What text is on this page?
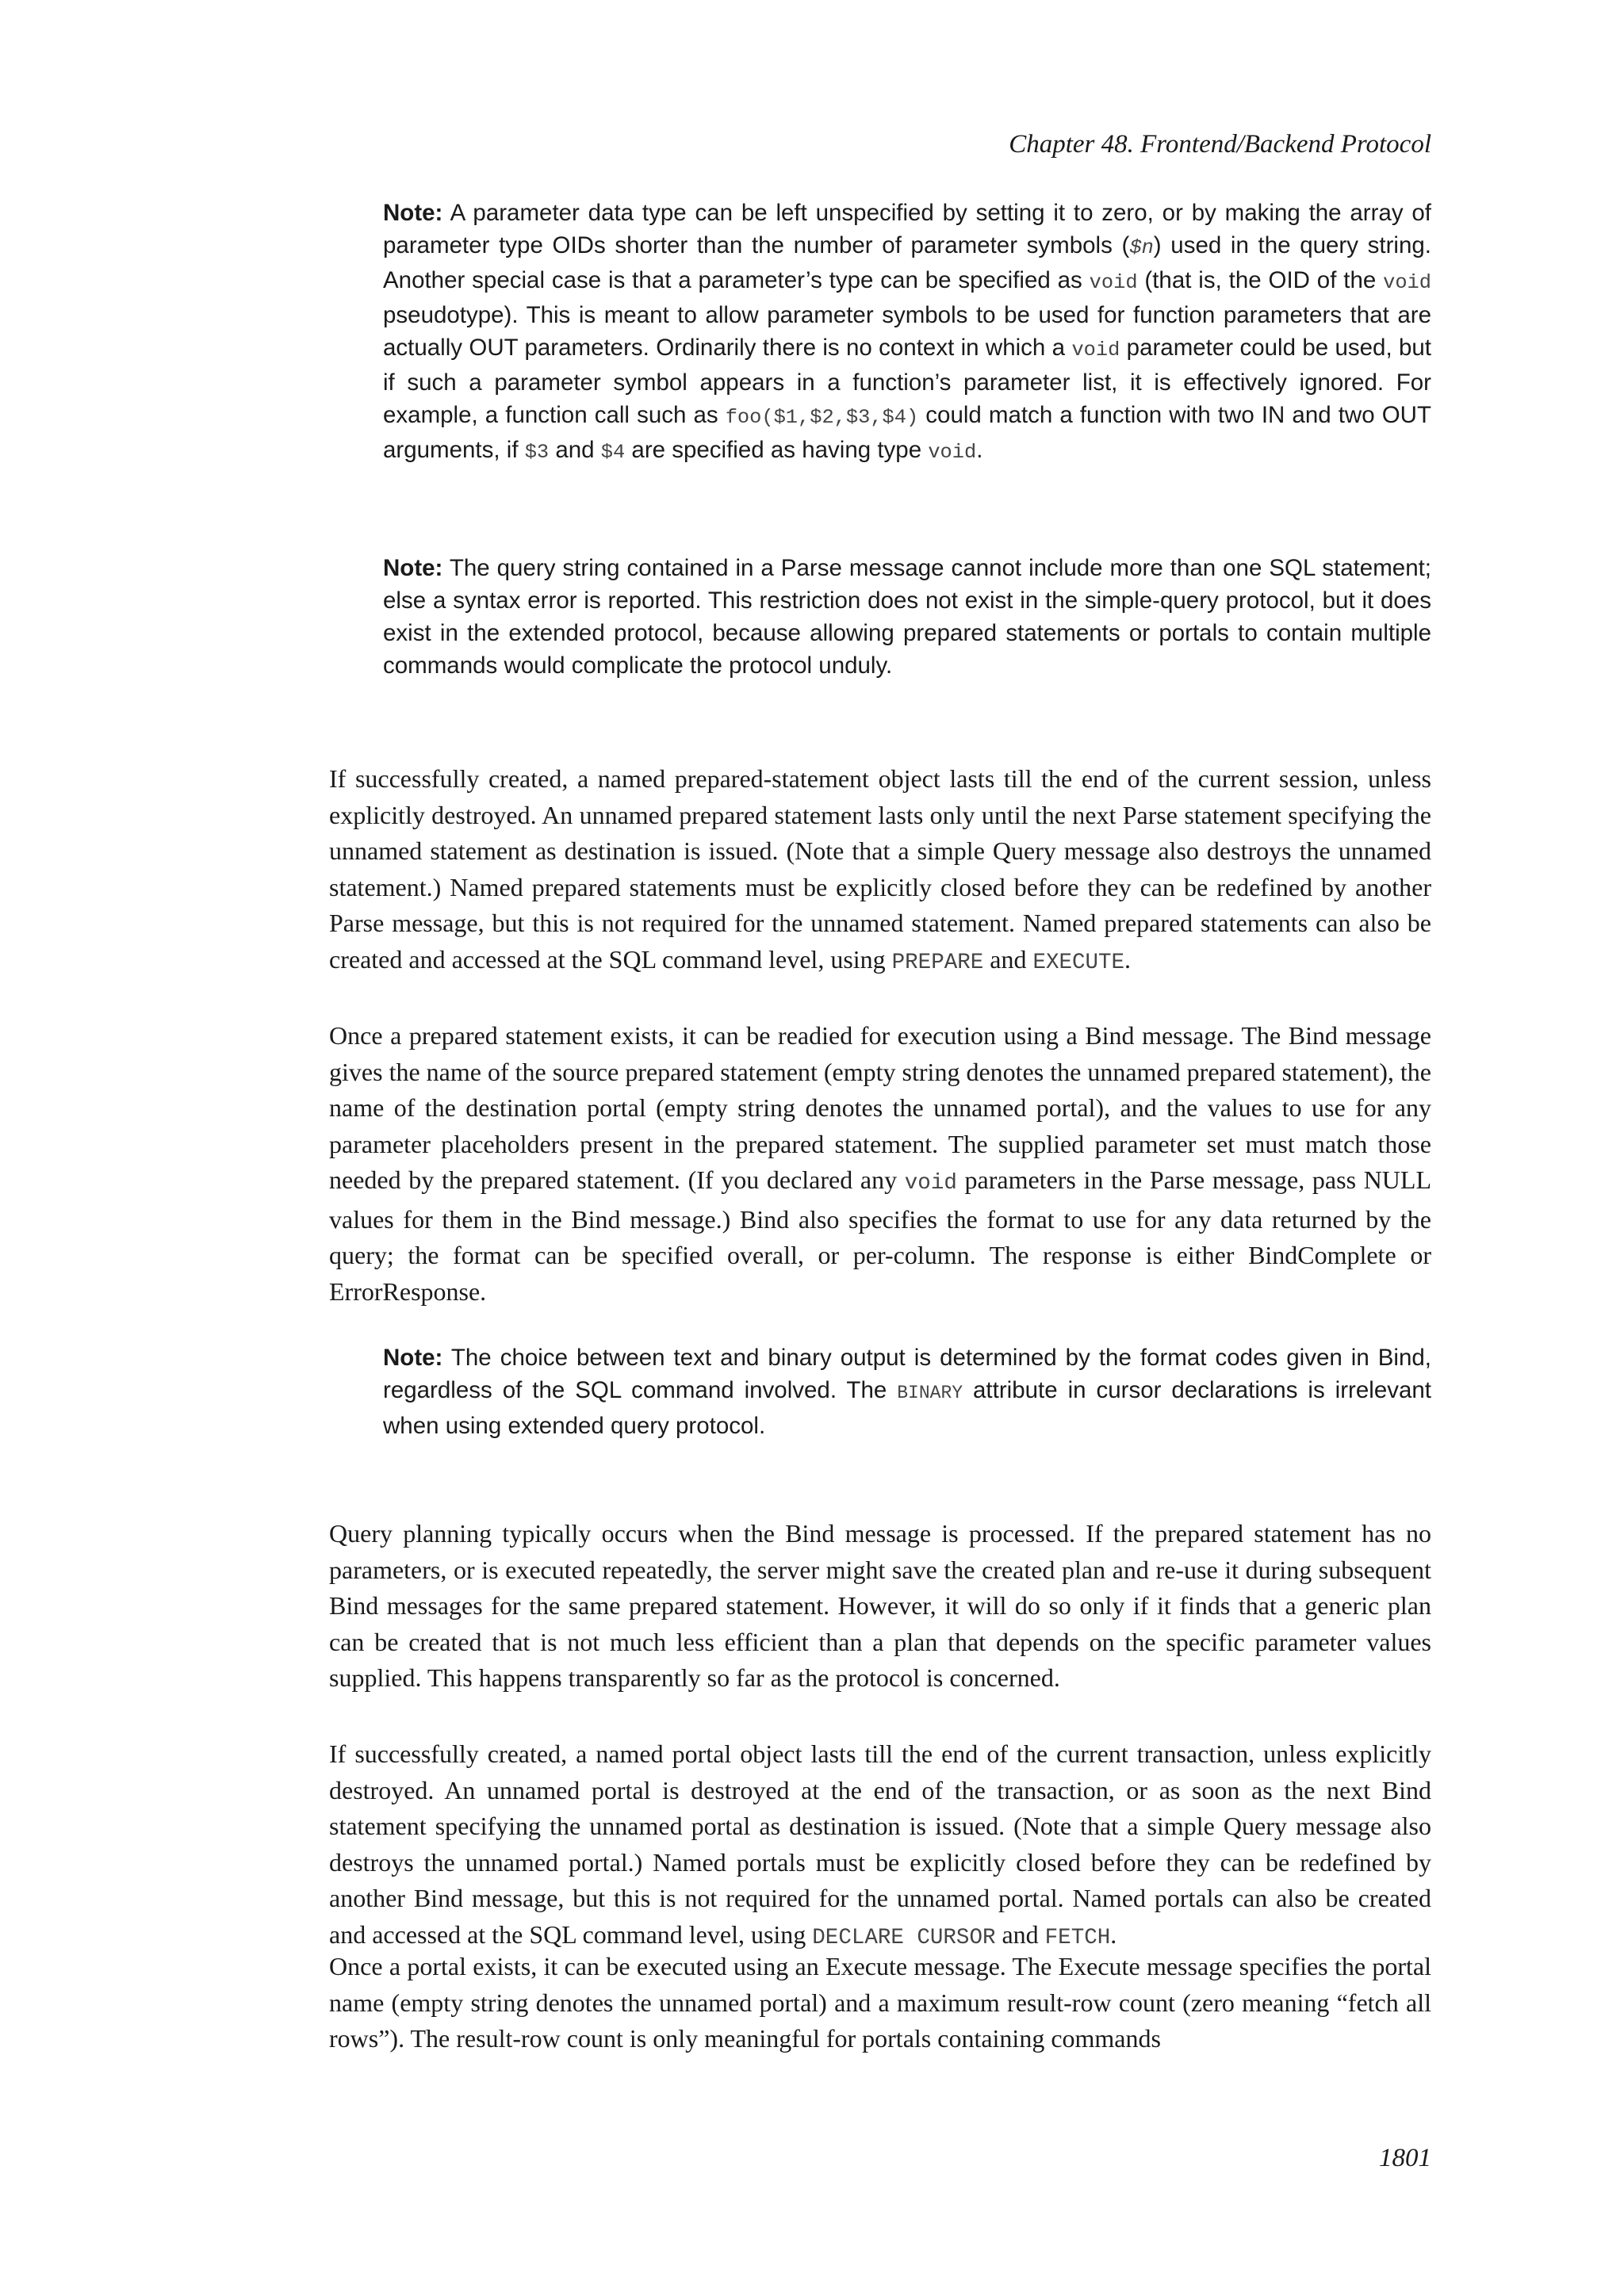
Chapter 48. Frontend/Backend Protocol
Note: A parameter data type can be left unspecified by setting it to zero, or by making the array of parameter type OIDs shorter than the number of parameter symbols ($n) used in the query string. Another special case is that a parameter’s type can be specified as void (that is, the OID of the void pseudotype). This is meant to allow parameter symbols to be used for function parameters that are actually OUT parameters. Ordinarily there is no context in which a void parameter could be used, but if such a parameter symbol appears in a function’s parameter list, it is effectively ignored. For example, a function call such as foo($1,$2,$3,$4) could match a function with two IN and two OUT arguments, if $3 and $4 are specified as having type void.
Note: The query string contained in a Parse message cannot include more than one SQL statement; else a syntax error is reported. This restriction does not exist in the simple-query protocol, but it does exist in the extended protocol, because allowing prepared statements or portals to contain multiple commands would complicate the protocol unduly.
If successfully created, a named prepared-statement object lasts till the end of the current session, unless explicitly destroyed. An unnamed prepared statement lasts only until the next Parse statement specifying the unnamed statement as destination is issued. (Note that a simple Query message also destroys the unnamed statement.) Named prepared statements must be explicitly closed before they can be redefined by another Parse message, but this is not required for the unnamed statement. Named prepared statements can also be created and accessed at the SQL command level, using PREPARE and EXECUTE.
Once a prepared statement exists, it can be readied for execution using a Bind message. The Bind message gives the name of the source prepared statement (empty string denotes the unnamed prepared statement), the name of the destination portal (empty string denotes the unnamed portal), and the values to use for any parameter placeholders present in the prepared statement. The supplied parameter set must match those needed by the prepared statement. (If you declared any void parameters in the Parse message, pass NULL values for them in the Bind message.) Bind also specifies the format to use for any data returned by the query; the format can be specified overall, or per-column. The response is either BindComplete or ErrorResponse.
Note: The choice between text and binary output is determined by the format codes given in Bind, regardless of the SQL command involved. The BINARY attribute in cursor declarations is irrelevant when using extended query protocol.
Query planning typically occurs when the Bind message is processed. If the prepared statement has no parameters, or is executed repeatedly, the server might save the created plan and re-use it during subsequent Bind messages for the same prepared statement. However, it will do so only if it finds that a generic plan can be created that is not much less efficient than a plan that depends on the specific parameter values supplied. This happens transparently so far as the protocol is concerned.
If successfully created, a named portal object lasts till the end of the current transaction, unless explicitly destroyed. An unnamed portal is destroyed at the end of the transaction, or as soon as the next Bind statement specifying the unnamed portal as destination is issued. (Note that a simple Query message also destroys the unnamed portal.) Named portals must be explicitly closed before they can be redefined by another Bind message, but this is not required for the unnamed portal. Named portals can also be created and accessed at the SQL command level, using DECLARE CURSOR and FETCH.
Once a portal exists, it can be executed using an Execute message. The Execute message specifies the portal name (empty string denotes the unnamed portal) and a maximum result-row count (zero meaning “fetch all rows”). The result-row count is only meaningful for portals containing commands
1801
